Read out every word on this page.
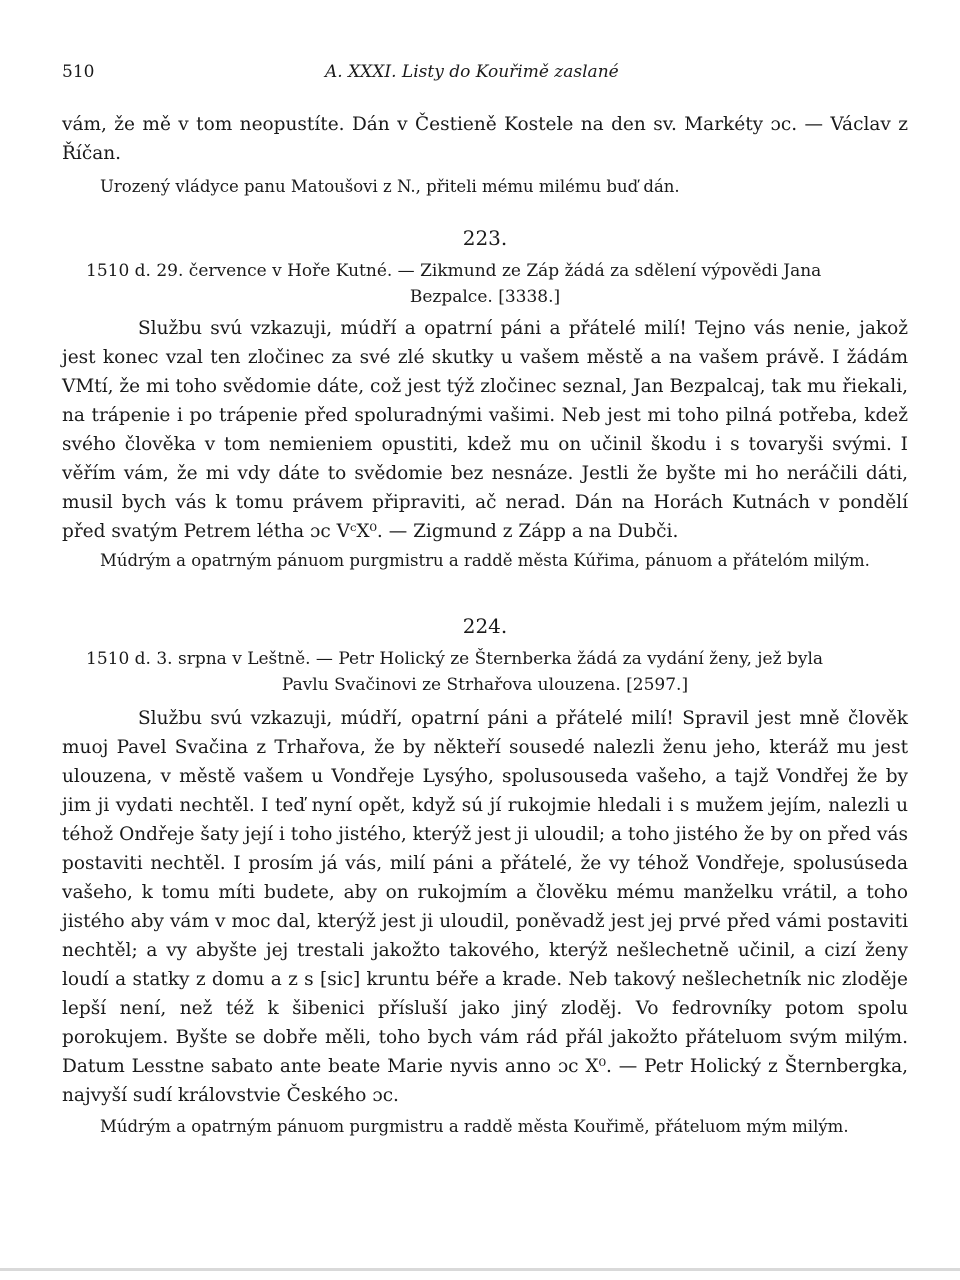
510	A. XXXI. Listy do Kouřimě zaslané

vám, že mě v tom neopustíte. Dán v Čestieně Kostele na den sv. Markéty ɔc. — Václav z Říčan.

Urozený vládyce panu Matoušovi z N., přiteli mému milému buď dán.

223.

1510 d. 29. července v Hoře Kutné. — Zikmund ze Záp žádá za sdělení výpovědi Jana
Bezpalce. [3338.]

Službu svú vzkazuji, múdří a opatrní páni a přátelé milí! Tejno vás nenie, jakož jest konec vzal ten zločinec za své zlé skutky u vašem městě a na vašem právě. I žádám VMtí, že mi toho svědomie dáte, což jest týž zločinec seznal, Jan Bezpalcaj, tak mu řiekali, na trápenie i po trápenie před spoluradnými vašimi. Neb jest mi toho pilná potřeba, kdež svého člověka v tom nemieniem opustiti, kdež mu on učinil škodu i s tovaryši svými. I věřím vám, že mi vdy dáte to svědomie bez nesnáze. Jestli že byšte mi ho neráčili dáti, musil bych vás k tomu právem připraviti, ač nerad. Dán na Horách Kutnách v pondělí před svatým Petrem létha ɔc VᶜX⁰. — Zigmund z Zápp a na Dubči.

Múdrým a opatrným pánuom purgmistru a raddě města Kúřima, pánuom a přátelóm milým.

224.

1510 d. 3. srpna v Leštně. — Petr Holický ze Šternberka žádá za vydání ženy, jež byla
Pavlu Svačinovi ze Strhařova ulouzena. [2597.]

Službu svú vzkazuji, múdří, opatrní páni a přátelé milí! Spravil jest mně člověk muoj Pavel Svačina z Trhařova, že by někteří sousedé nalezli ženu jeho, kteráž mu jest ulouzena, v městě vašem u Vondřeje Lysýho, spolusouseda vašeho, a tajž Vondřej že by jim ji vydati nechtěl. I teď nyní opět, když sú jí rukojmie hledali i s mužem jejím, nalezli u téhož Ondřeje šaty její i toho jistého, kterýž jest ji uloudil; a toho jistého že by on před vás postaviti nechtěl. I prosím já vás, milí páni a přátelé, že vy téhož Vondřeje, spolusúseda vašeho, k tomu míti budete, aby on rukojmím a člověku mému manželku vrátil, a toho jistého aby vám v moc dal, kterýž jest ji uloudil, poněvadž jest jej prvé před vámi postaviti nechtěl; a vy abyšte jej trestali jakožto takového, kterýž nešlechetně učinil, a cizí ženy loudí a statky z domu a z s [sic] kruntu béře a krade. Neb takový nešlechetník nic zloděje lepší není, než též k šibenici přísluší jako jiný zloděj. Vo fedrovníky potom spolu porokujem. Byšte se dobře měli, toho bych vám rád přál jakožto přáteluom svým milým. Datum Lesstne sabato ante beate Marie nyvis anno ɔc X⁰. — Petr Holický z Šternbergka, najvyší sudí královstvie Českého ɔc.

Múdrým a opatrným pánuom purgmistru a raddě města Kouřimě, přáteluom mým milým.
